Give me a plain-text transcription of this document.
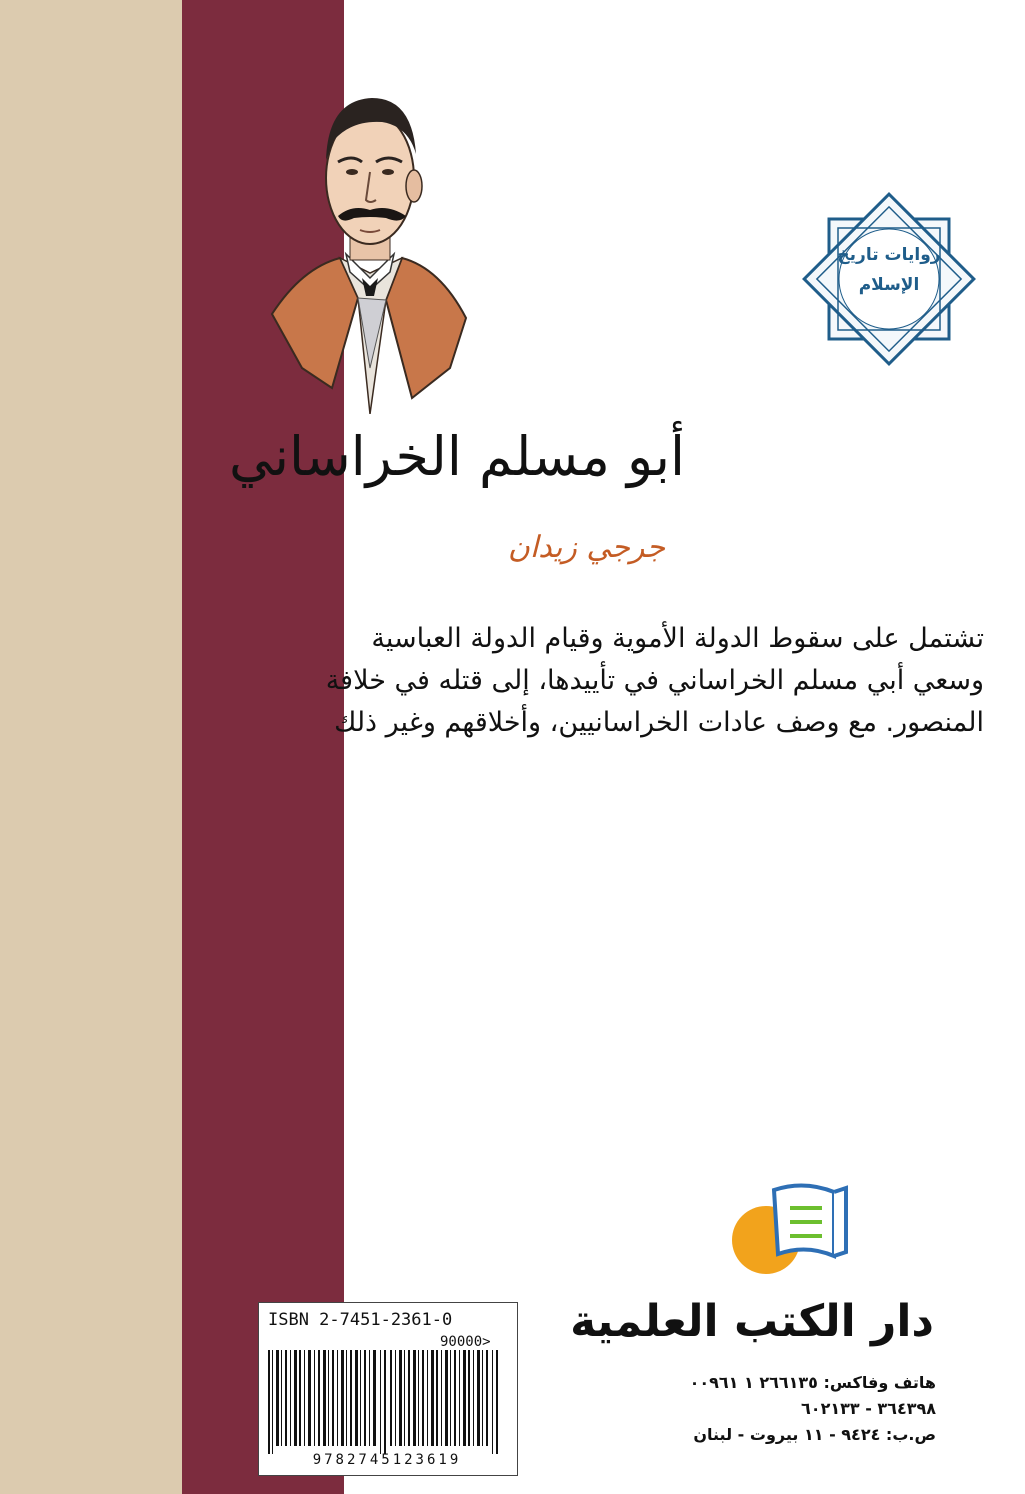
روايات تاريخ الإسلام
أبو مسلم الخراساني
جرجي زيدان
تشتمل على سقوط الدولة الأموية وقيام الدولة العباسية
وسعي أبي مسلم الخراساني في تأييدها، إلى قتله في خلافة
المنصور. مع وصف عادات الخراسانيين، وأخلاقهم وغير ذلك
دار الكتب العلمية
هاتف وفاكس: ٢٦٦١٣٥ ١ ٠٠٩٦١
٣٦٤٣٩٨ - ٦٠٢١٣٣
ص.ب: ٩٤٢٤ - ١١ بيروت - لبنان
ISBN 2-7451-2361-0
90000>
9782745123619
